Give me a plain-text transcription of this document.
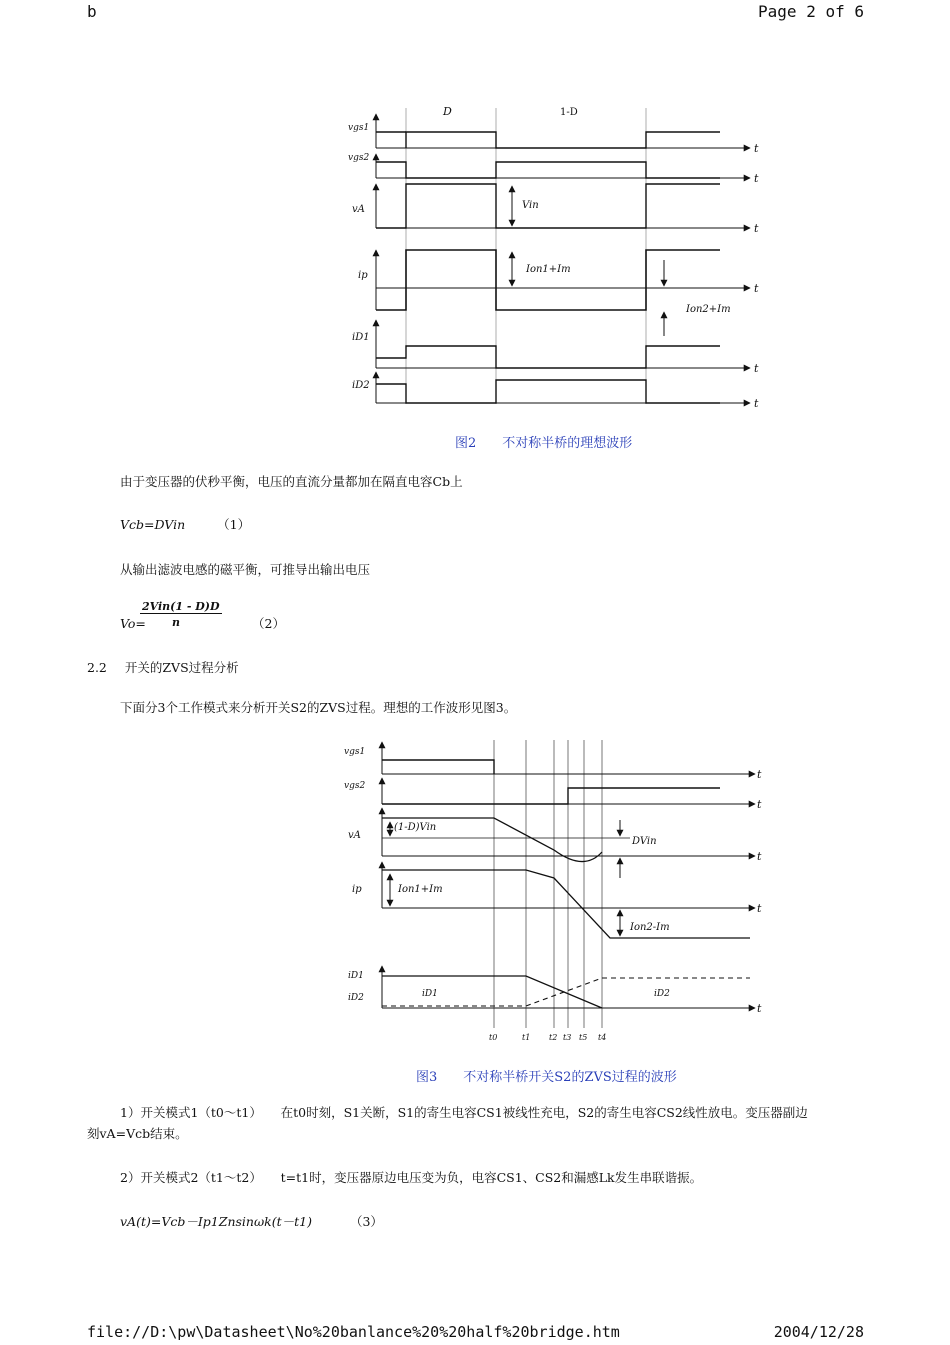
b	Page 2 of 6
D	1-D
vgs1
t
vgs2
t
vA	Vin
t
ip
Ion1+Im
Ion2+Im
t
iD1
t
iD2
t
图2　　不对称半桥的理想波形
由于变压器的伏秒平衡，电压的直流分量都加在隔直电容Cb上
Vcb=DVin	（1）
从输出滤波电感的磁平衡，可推导出输出电压
Vo=
2Vin(1 - D)D
n	（2）
2.2 开关的ZVS过程分析
下面分3个工作模式来分析开关S2的ZVS过程。理想的工作波形见图3。
vgs1
t
vgs2
t
vA
(1-D)Vin
DVin
t
ip	Ion1+Im
Ion2-Im
t
iD1
iD2	iD1	iD2
t
t0	t1 t2 t3 t5 t4
图3　　不对称半桥开关S2的ZVS过程的波形
1）开关模式1（t0～t1）　　在t0时刻，S1关断，S1的寄生电容CS1被线性充电，S2的寄生电容CS2线性放电。变压器副边
刻vA=Vcb结束。
2）开关模式2（t1～t2）　　t=t1时，变压器原边电压变为负，电容CS1、CS2和漏感Lk发生串联谐振。
vA(t)=Vcb－Ip1Znsinωk(t－t1)	（3）
file://D:\pw\Datasheet\No%20banlance%20%20half%20bridge.htm	2004/12/28
